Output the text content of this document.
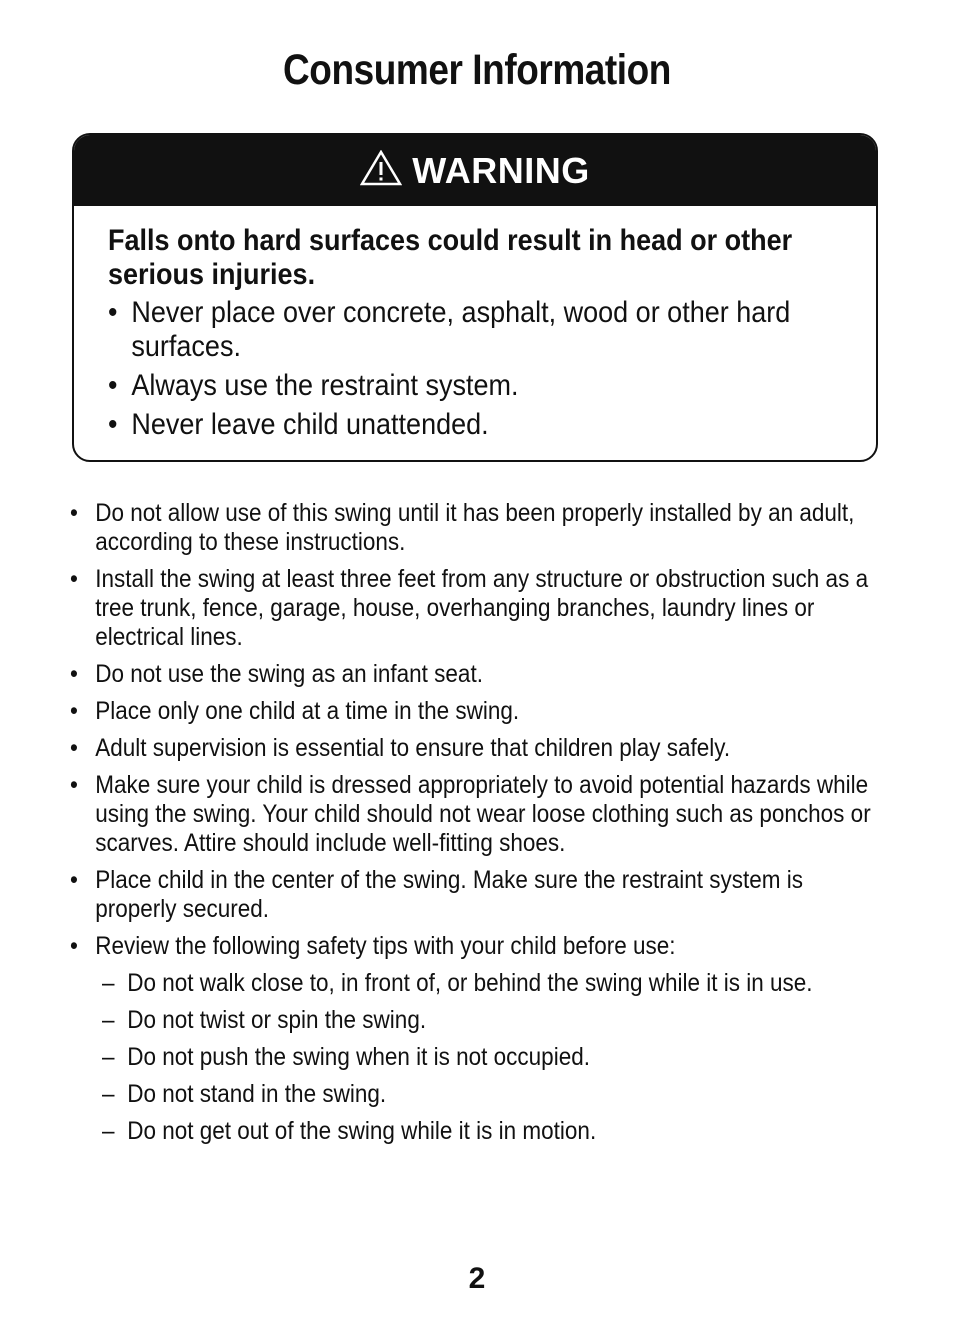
Consumer Information
WARNING
Falls onto hard surfaces could result in head or other serious injuries.
• Never place over concrete, asphalt, wood or other hard surfaces.
• Always use the restraint system.
• Never leave child unattended.
• Do not allow use of this swing until it has been properly installed by an adult, according to these instructions.
• Install the swing at least three feet from any structure or obstruction such as a tree trunk, fence, garage, house, overhanging branches, laundry lines or electrical lines.
• Do not use the swing as an infant seat.
• Place only one child at a time in the swing.
• Adult supervision is essential to ensure that children play safely.
• Make sure your child is dressed appropriately to avoid potential hazards while using the swing. Your child should not wear loose clothing such as ponchos or scarves. Attire should include well-fitting shoes.
• Place child in the center of the swing. Make sure the restraint system is properly secured.
• Review the following safety tips with your child before use:
– Do not walk close to, in front of, or behind the swing while it is in use.
– Do not twist or spin the swing.
– Do not push the swing when it is not occupied.
– Do not stand in the swing.
– Do not get out of the swing while it is in motion.
2
